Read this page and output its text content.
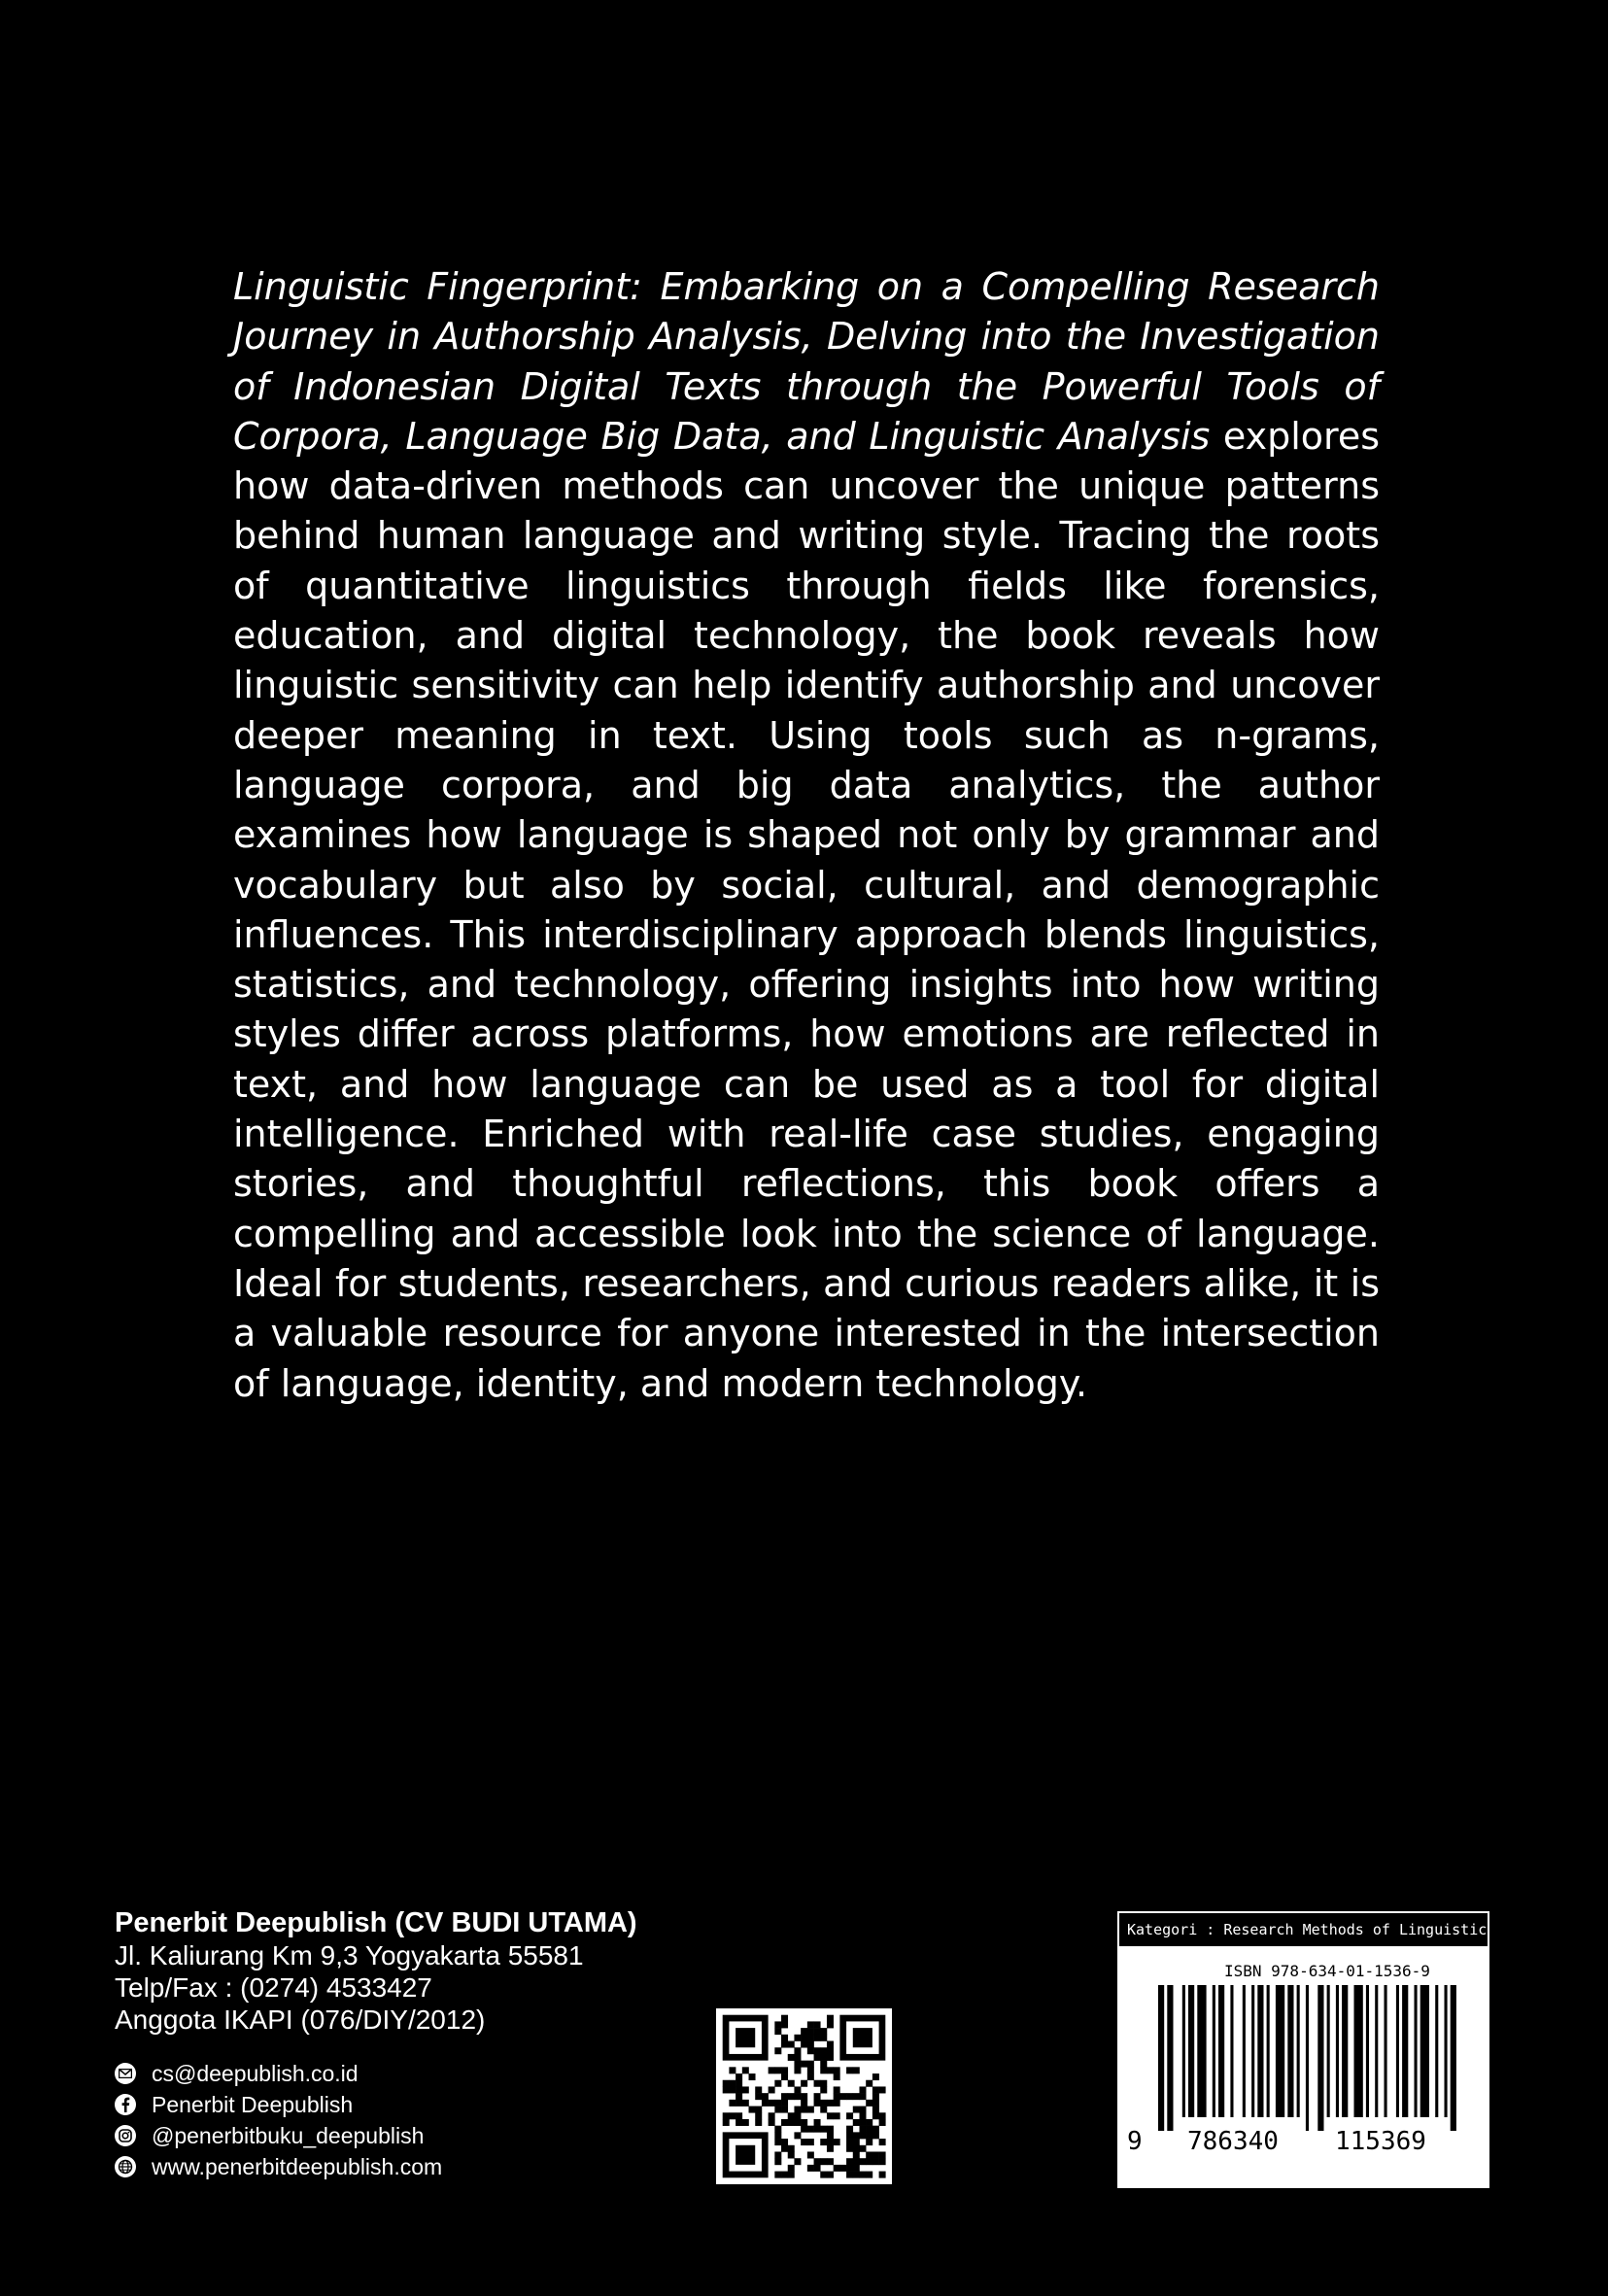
Linguistic Fingerprint: Embarking on a Compelling Research Journey in Authorship Analysis, Delving into the Investigation of Indonesian Digital Texts through the Powerful Tools of Corpora, Language Big Data, and Linguistic Analysis explores how data-driven methods can uncover the unique patterns behind human language and writing style. Tracing the roots of quantitative linguistics through fields like forensics, education, and digital technology, the book reveals how linguistic sensitivity can help identify authorship and uncover deeper meaning in text. Using tools such as n-grams, language corpora, and big data analytics, the author examines how language is shaped not only by grammar and vocabulary but also by social, cultural, and demographic influences. This interdisciplinary approach blends linguistics, statistics, and technology, offering insights into how writing styles differ across platforms, how emotions are reflected in text, and how language can be used as a tool for digital intelligence. Enriched with real-life case studies, engaging stories, and thoughtful reflections, this book offers a compelling and accessible look into the science of language. Ideal for students, researchers, and curious readers alike, it is a valuable resource for anyone interested in the intersection of language, identity, and modern technology.

Penerbit Deepublish (CV BUDI UTAMA)
Jl. Kaliurang Km 9,3 Yogyakarta 55581
Telp/Fax : (0274) 4533427
Anggota IKAPI (076/DIY/2012)
cs@deepublish.co.id
Penerbit Deepublish
@penerbitbuku_deepublish
www.penerbitdeepublish.com
Kategori : Research Methods of Linguistic
ISBN 978-634-01-1536-9
9 786340 115369
